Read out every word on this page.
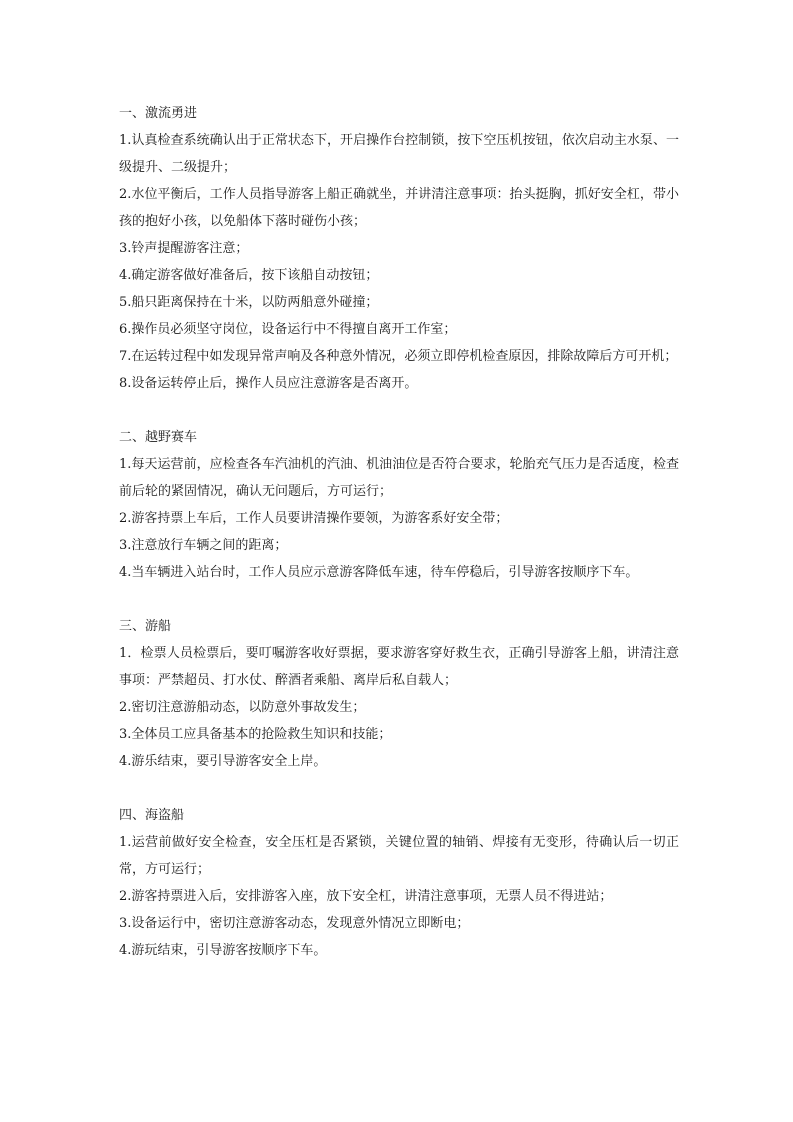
一、激流勇进

1.认真检查系统确认出于正常状态下，开启操作台控制锁，按下空压机按钮，依次启动主水泵、一级提升、二级提升；

2.水位平衡后，工作人员指导游客上船正确就坐，并讲清注意事项：抬头挺胸，抓好安全杠，带小孩的抱好小孩，以免船体下落时碰伤小孩；

3.铃声提醒游客注意；

4.确定游客做好准备后，按下该船自动按钮；

5.船只距离保持在十米，以防两船意外碰撞；

6.操作员必须坚守岗位，设备运行中不得擅自离开工作室；

7.在运转过程中如发现异常声响及各种意外情况，必须立即停机检查原因，排除故障后方可开机；

8.设备运转停止后，操作人员应注意游客是否离开。

二、越野赛车

1.每天运营前，应检查各车汽油机的汽油、机油油位是否符合要求，轮胎充气压力是否适度，检查前后轮的紧固情况，确认无问题后，方可运行；

2.游客持票上车后，工作人员要讲清操作要领，为游客系好安全带；

3.注意放行车辆之间的距离；

4.当车辆进入站台时，工作人员应示意游客降低车速，待车停稳后，引导游客按顺序下车。

三、游船

1．检票人员检票后，要叮嘱游客收好票据，要求游客穿好救生衣，正确引导游客上船，讲清注意事项：严禁超员、打水仗、醉酒者乘船、离岸后私自载人；

2.密切注意游船动态，以防意外事故发生；

3.全体员工应具备基本的抢险救生知识和技能；

4.游乐结束，要引导游客安全上岸。

四、海盗船

1.运营前做好安全检查，安全压杠是否紧锁，关键位置的轴销、焊接有无变形，待确认后一切正常，方可运行；

2.游客持票进入后，安排游客入座，放下安全杠，讲清注意事项，无票人员不得进站；

3.设备运行中，密切注意游客动态，发现意外情况立即断电；

4.游玩结束，引导游客按顺序下车。
